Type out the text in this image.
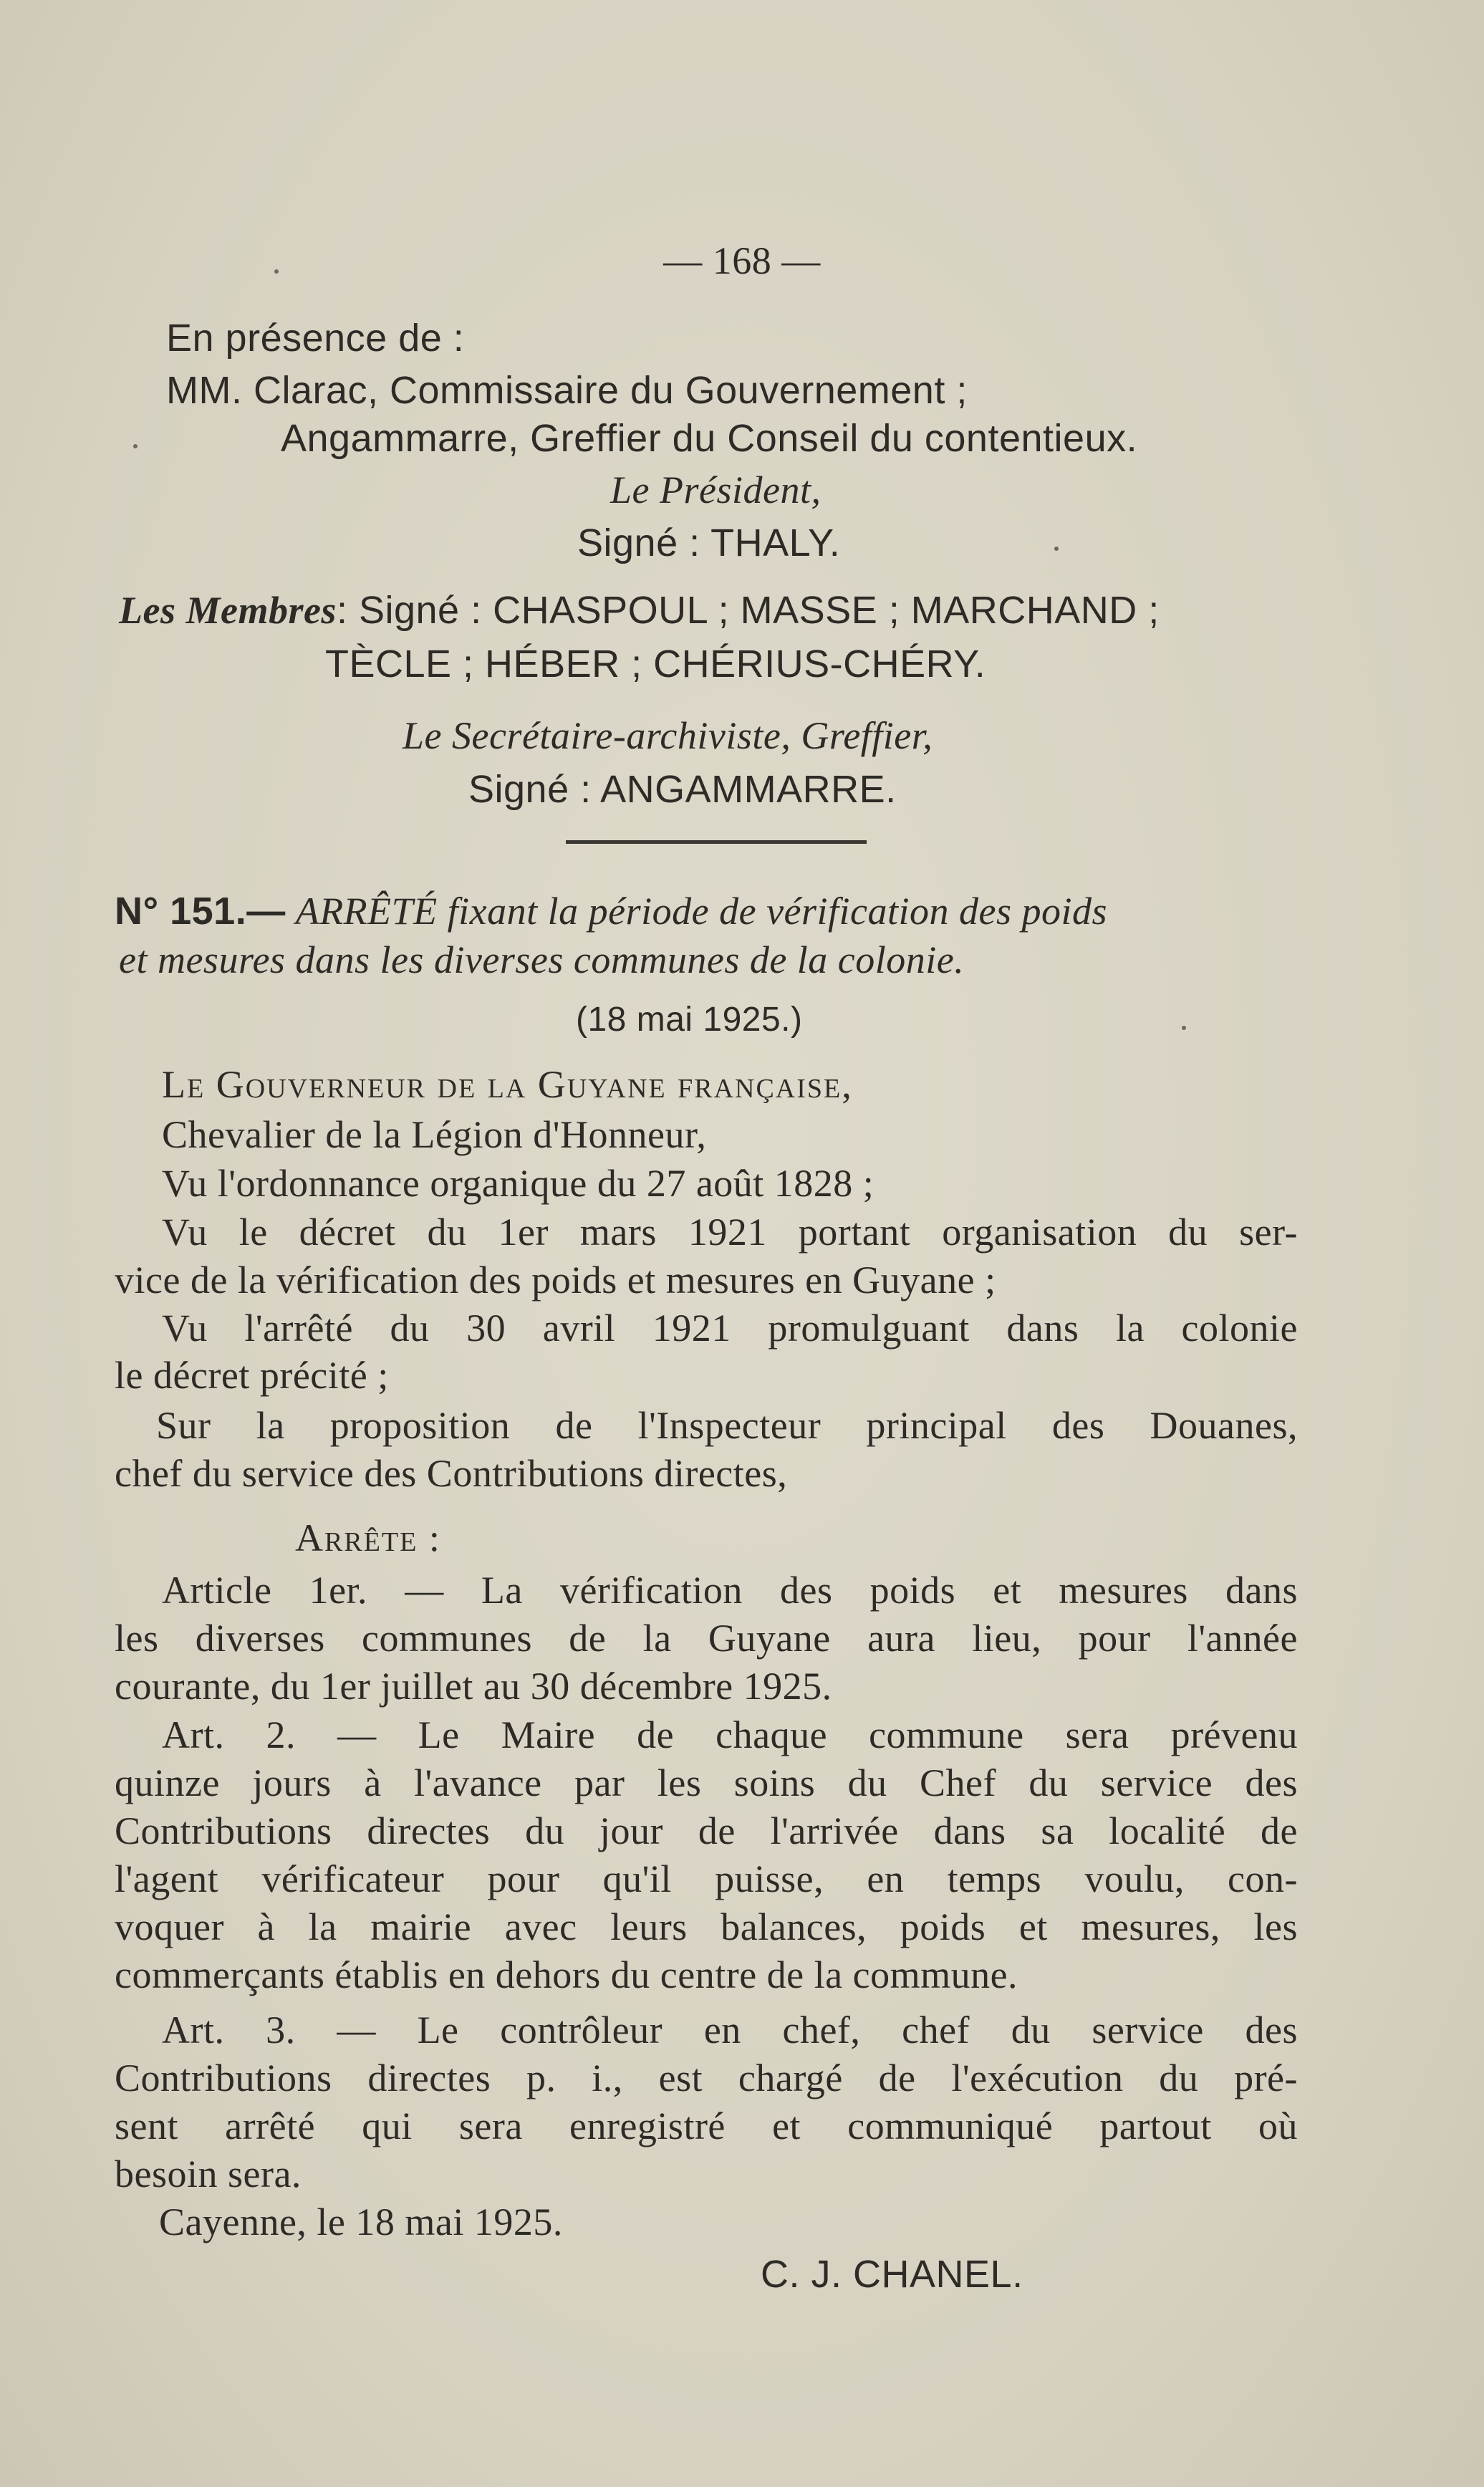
— 168 —
En présence de :
MM. Clarac, Commissaire du Gouvernement ;
Angammarre, Greffier du Conseil du contentieux.
Le Président,
Signé : THALY.
Les Membres: Signé : CHASPOUL ; MASSE ; MARCHAND ;
TÈCLE ; HÉBER ; CHÉRIUS-CHÉRY.
Le Secrétaire-archiviste, Greffier,
Signé : ANGAMMARRE.
N° 151.— ARRÊTÉ fixant la période de vérification des poids
et mesures dans les diverses communes de la colonie.
(18 mai 1925.)
Le Gouverneur de la Guyane française,
Chevalier de la Légion d'Honneur,
Vu l'ordonnance organique du 27 août 1828 ;
Vu le décret du 1er mars 1921 portant organisation du ser-
vice de la vérification des poids et mesures en Guyane ;
Vu l'arrêté du 30 avril 1921 promulguant dans la colonie
le décret précité ;
Sur la proposition de l'Inspecteur principal des Douanes,
chef du service des Contributions directes,
Arrête :
Article 1er. — La vérification des poids et mesures dans
les diverses communes de la Guyane aura lieu, pour l'année
courante, du 1er juillet au 30 décembre 1925.
Art. 2. — Le Maire de chaque commune sera prévenu
quinze jours à l'avance par les soins du Chef du service des
Contributions directes du jour de l'arrivée dans sa localité de
l'agent vérificateur pour qu'il puisse, en temps voulu, con-
voquer à la mairie avec leurs balances, poids et mesures, les
commerçants établis en dehors du centre de la commune.
Art. 3. — Le contrôleur en chef, chef du service des
Contributions directes p. i., est chargé de l'exécution du pré-
sent arrêté qui sera enregistré et communiqué partout où
besoin sera.
Cayenne, le 18 mai 1925.
C. J. CHANEL.
